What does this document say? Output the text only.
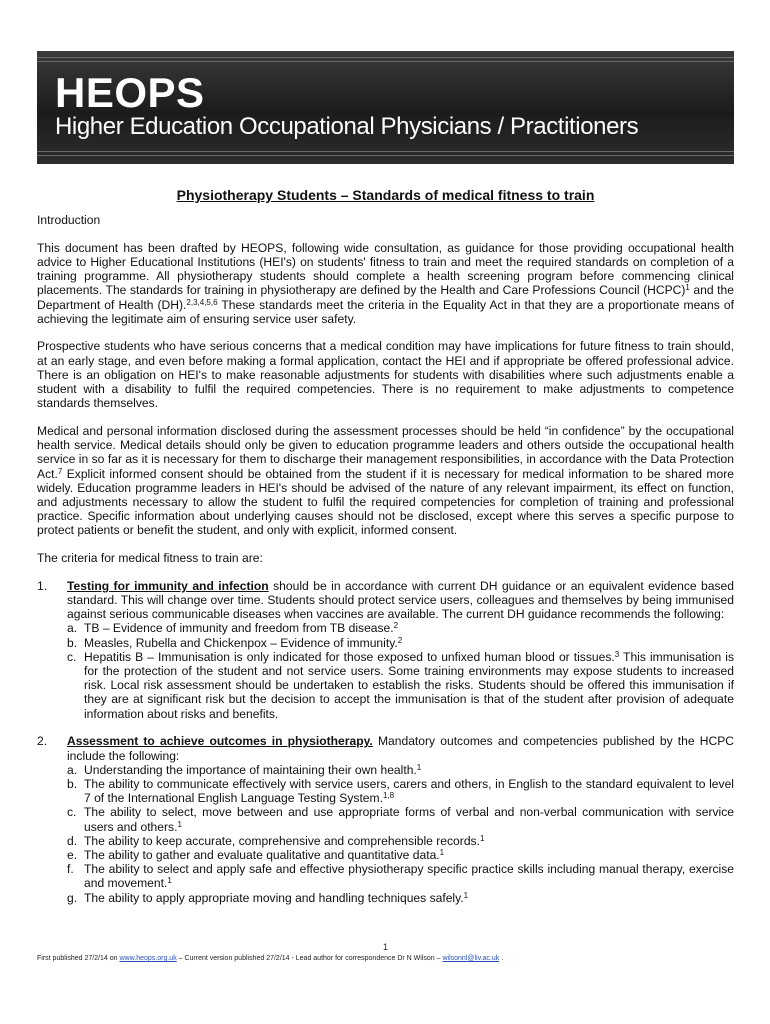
HEOPS
Higher Education Occupational Physicians / Practitioners
Physiotherapy Students – Standards of medical fitness to train

Introduction

This document has been drafted by HEOPS, following wide consultation, as guidance for those providing occupational health advice to Higher Educational Institutions (HEI's) on students' fitness to train and meet the required standards on completion of a training programme. All physiotherapy students should complete a health screening program before commencing clinical placements. The standards for training in physiotherapy are defined by the Health and Care Professions Council (HCPC)$^1$ and the Department of Health (DH).$^{2,3,4,5,6}$ These standards meet the criteria in the Equality Act in that they are a proportionate means of achieving the legitimate aim of ensuring service user safety.

Prospective students who have serious concerns that a medical condition may have implications for future fitness to train should, at an early stage, and even before making a formal application, contact the HEI and if appropriate be offered professional advice. There is an obligation on HEI's to make reasonable adjustments for students with disabilities where such adjustments enable a student with a disability to fulfil the required competencies. There is no requirement to make adjustments to competence standards themselves.

Medical and personal information disclosed during the assessment processes should be held “in confidence” by the occupational health service. Medical details should only be given to education programme leaders and others outside the occupational health service in so far as it is necessary for them to discharge their management responsibilities, in accordance with the Data Protection Act.$^7$ Explicit informed consent should be obtained from the student if it is necessary for medical information to be shared more widely. Education programme leaders in HEI's should be advised of the nature of any relevant impairment, its effect on function, and adjustments necessary to allow the student to fulfil the required competencies for completion of training and professional practice. Specific information about underlying causes should not be disclosed, except where this serves a specific purpose to protect patients or benefit the student, and only with explicit, informed consent.

The criteria for medical fitness to train are:

1. Testing for immunity and infection should be in accordance with current DH guidance or an equivalent evidence based standard. This will change over time. Students should protect service users, colleagues and themselves by being immunised against serious communicable diseases when vaccines are available. The current DH guidance recommends the following:
a. TB – Evidence of immunity and freedom from TB disease.$^2$
b. Measles, Rubella and Chickenpox – Evidence of immunity.$^2$
c. Hepatitis B – Immunisation is only indicated for those exposed to unfixed human blood or tissues.$^3$ This immunisation is for the protection of the student and not service users. Some training environments may expose students to increased risk. Local risk assessment should be undertaken to establish the risks. Students should be offered this immunisation if they are at significant risk but the decision to accept the immunisation is that of the student after provision of adequate information about risks and benefits.
2. Assessment to achieve outcomes in physiotherapy. Mandatory outcomes and competencies published by the HCPC include the following:
a. Understanding the importance of maintaining their own health.$^1$
b. The ability to communicate effectively with service users, carers and others, in English to the standard equivalent to level 7 of the International English Language Testing System.$^{1,8}$
c. The ability to select, move between and use appropriate forms of verbal and non-verbal communication with service users and others.$^1$
d. The ability to keep accurate, comprehensive and comprehensible records.$^1$
e. The ability to gather and evaluate qualitative and quantitative data.$^1$
f. The ability to select and apply safe and effective physiotherapy specific practice skills including manual therapy, exercise and movement.$^1$
g. The ability to apply appropriate moving and handling techniques safely.$^1$
1
First published 27/2/14 on www.heops.org.uk – Current version published 27/2/14 - Lead author for correspondence Dr N Wilson – wilsonnl@liv.ac.uk .
